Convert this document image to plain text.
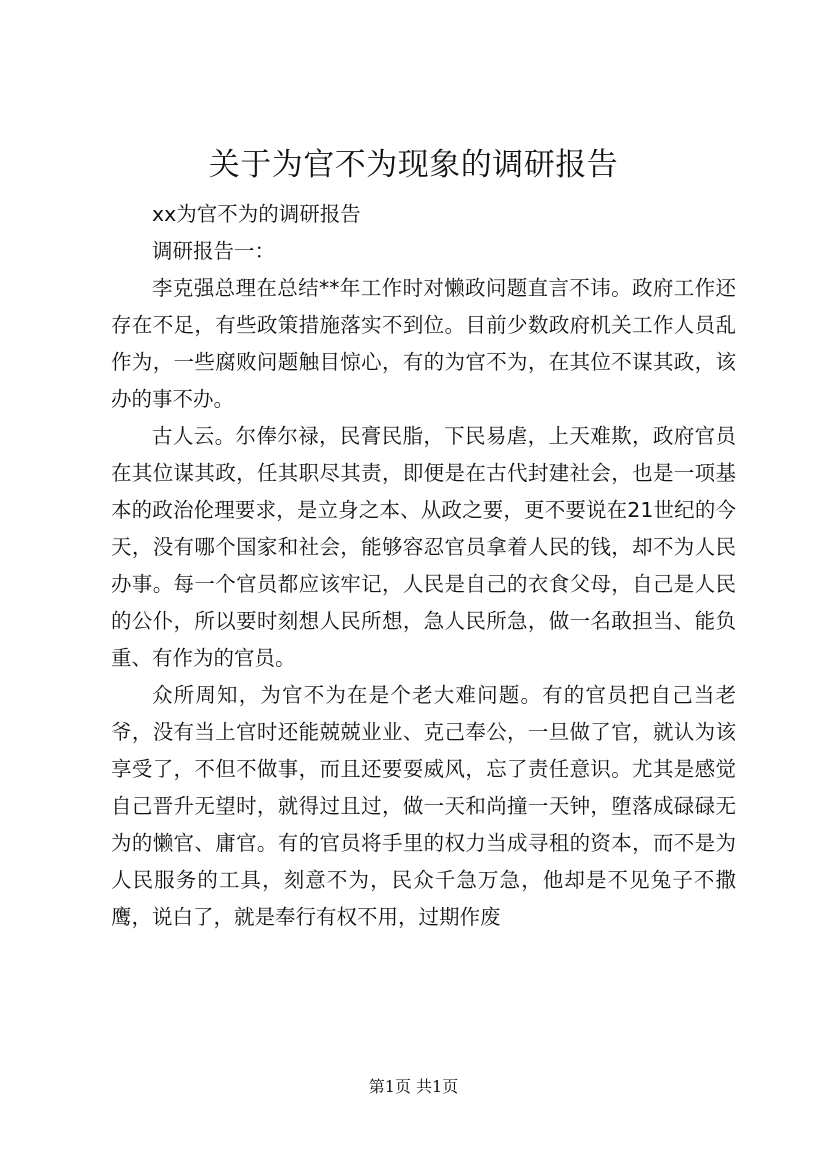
关于为官不为现象的调研报告

xx为官不为的调研报告

调研报告一：

李克强总理在总结**年工作时对懒政问题直言不讳。政府工作还存在不足，有些政策措施落实不到位。目前少数政府机关工作人员乱作为，一些腐败问题触目惊心，有的为官不为，在其位不谋其政，该办的事不办。

古人云。尔俸尔禄，民膏民脂，下民易虐，上天难欺，政府官员在其位谋其政，任其职尽其责，即便是在古代封建社会，也是一项基本的政治伦理要求，是立身之本、从政之要，更不要说在21世纪的今天，没有哪个国家和社会，能够容忍官员拿着人民的钱，却不为人民办事。每一个官员都应该牢记，人民是自己的衣食父母，自己是人民的公仆，所以要时刻想人民所想，急人民所急，做一名敢担当、能负重、有作为的官员。

众所周知，为官不为在是个老大难问题。有的官员把自己当老爷，没有当上官时还能兢兢业业、克己奉公，一旦做了官，就认为该享受了，不但不做事，而且还要耍威风，忘了责任意识。尤其是感觉自己晋升无望时，就得过且过，做一天和尚撞一天钟，堕落成碌碌无为的懒官、庸官。有的官员将手里的权力当成寻租的资本，而不是为人民服务的工具，刻意不为，民众千急万急，他却是不见兔子不撒鹰，说白了，就是奉行有权不用，过期作废

第1页 共1页
